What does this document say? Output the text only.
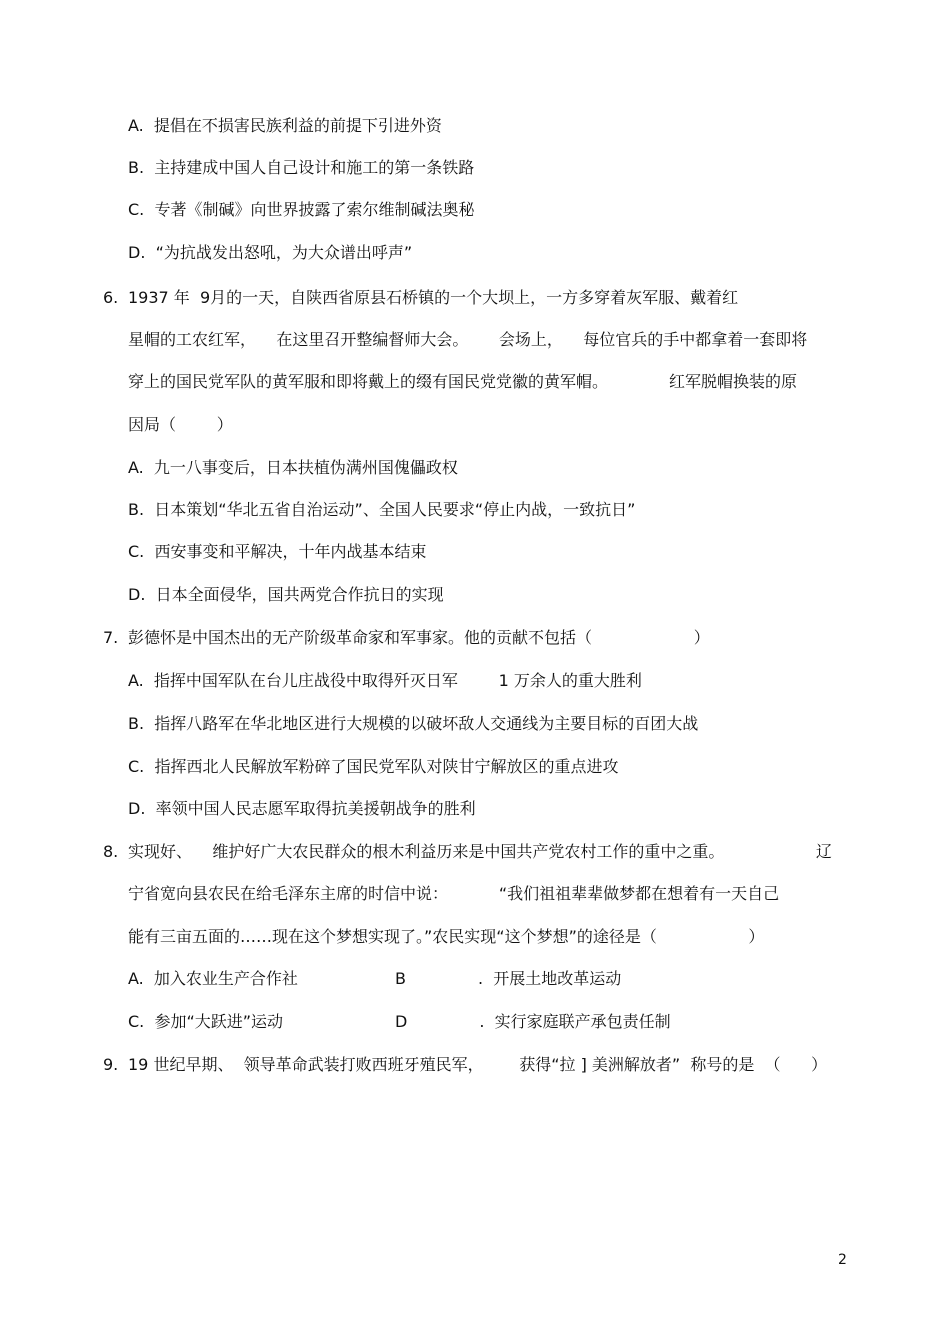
A. 提倡在不损害民族利益的前提下引进外资
B. 主持建成中国人自己设计和施工的第一条铁路
C. 专著《制碱》向世界披露了索尔维制碱法奥秘
D. “为抗战发出怒吼，为大众谱出呼声”
6. 1937 年  9月的一天，自陕西省原县石桥镇的一个大坝上，一方多穿着灰军服、戴着红
星帽的工农红军，    在这里召开整编督师大会。      会场上，    每位官兵的手中都拿着一套即将
穿上的国民党军队的黄军服和即将戴上的缀有国民党党徽的黄军帽。            红军脱帽换装的原
因局（        ）
A. 九一八事变后，日本扶植伪满州国傀儡政权
B. 日本策划“华北五省自治运动”、全国人民要求“停止内战，一致抗日”
C. 西安事变和平解决，十年内战基本结束
D. 日本全面侵华，国共两党合作抗日的实现
7. 彭德怀是中国杰出的无产阶级革命家和军事家。他的贡献不包括（                    ）
A. 指挥中国军队在台儿庄战役中取得歼灭日军        1 万余人的重大胜利
B. 指挥八路军在华北地区进行大规模的以破坏敌人交通线为主要目标的百团大战
C. 指挥西北人民解放军粉碎了国民党军队对陕甘宁解放区的重点进攻
D. 率领中国人民志愿军取得抗美援朝战争的胜利
8. 实现好、    维护好广大农民群众的根木利益历来是中国共产党农村工作的重中之重。                  辽
宁省宽向县农民在给毛泽东主席的时信中说：          “我们祖祖辈辈做梦都在想着有一天自己
能有三亩五面的……现在这个梦想实现了。”农民实现“这个梦想”的途径是（                  ）
A. 加入农业生产合作社	B	.  开展土地改革运动
C. 参加“大跃进”运动	D	.  实行家庭联产承包责任制
9. 19 世纪早期、  领导革命武装打败西班牙殖民军，       获得“拉 ] 美洲解放者”  称号的是  （      ）
2
